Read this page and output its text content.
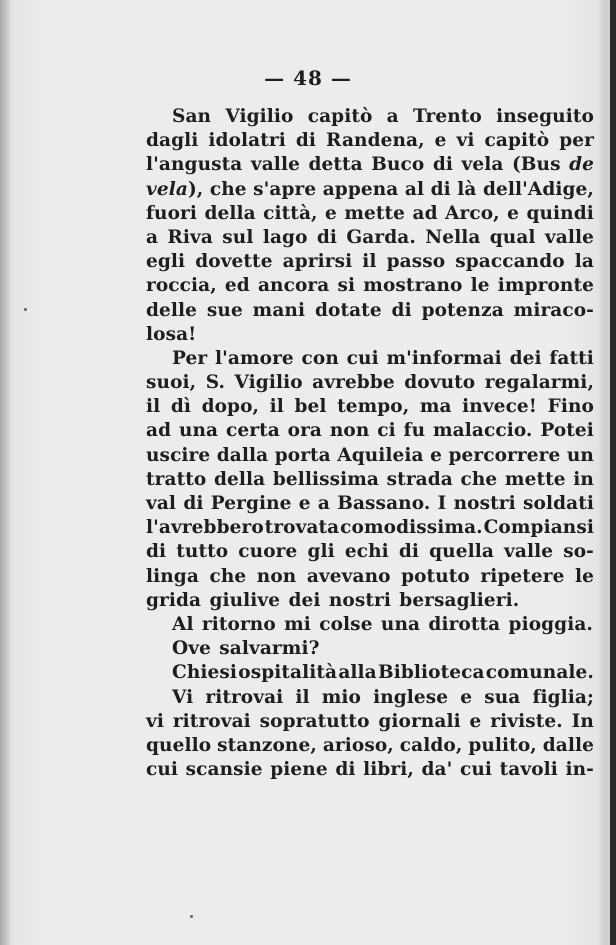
— 48 —
San Vigilio capitò a Trento inseguito
dagli idolatri di Randena, e vi capitò per
l'angusta valle detta Buco di vela (Bus de
vela), che s'apre appena al di là dell'Adige,
fuori della città, e mette ad Arco, e quindi
a Riva sul lago di Garda. Nella qual valle
egli dovette aprirsi il passo spaccando la
roccia, ed ancora si mostrano le impronte
delle sue mani dotate di potenza miraco-
losa!
Per l'amore con cui m'informai dei fatti
suoi, S. Vigilio avrebbe dovuto regalarmi,
il dì dopo, il bel tempo, ma invece! Fino
ad una certa ora non ci fu malaccio. Potei
uscire dalla porta Aquileia e percorrere un
tratto della bellissima strada che mette in
val di Pergine e a Bassano. I nostri soldati
l'avrebbero trovata comodissima. Compiansi
di tutto cuore gli echi di quella valle so-
linga che non avevano potuto ripetere le
grida giulive dei nostri bersaglieri.
Al ritorno mi colse una dirotta pioggia.
Ove salvarmi?
Chiesi ospitalità alla Biblioteca comunale.
Vi ritrovai il mio inglese e sua figlia;
vi ritrovai sopratutto giornali e riviste. In
quello stanzone, arioso, caldo, pulito, dalle
cui scansie piene di libri, da' cui tavoli in-
